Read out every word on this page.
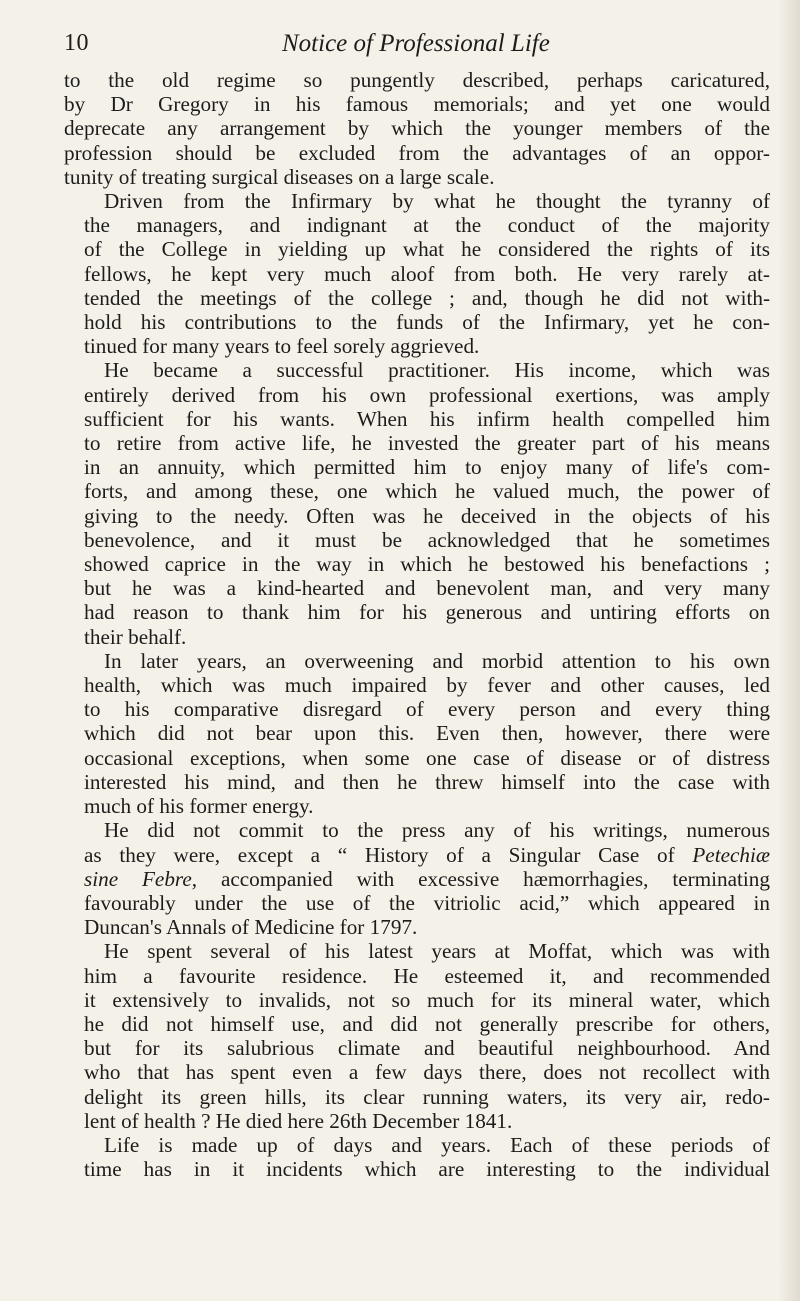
10	Notice of Professional Life

to the old regime so pungently described, perhaps caricatured,
by Dr Gregory in his famous memorials; and yet one would
deprecate any arrangement by which the younger members of the
profession should be excluded from the advantages of an oppor-
tunity of treating surgical diseases on a large scale.

Driven from the Infirmary by what he thought the tyranny of
the managers, and indignant at the conduct of the majority
of the College in yielding up what he considered the rights of its
fellows, he kept very much aloof from both. He very rarely at-
tended the meetings of the college ; and, though he did not with-
hold his contributions to the funds of the Infirmary, yet he con-
tinued for many years to feel sorely aggrieved.

He became a successful practitioner. His income, which was
entirely derived from his own professional exertions, was amply
sufficient for his wants. When his infirm health compelled him
to retire from active life, he invested the greater part of his means
in an annuity, which permitted him to enjoy many of life's com-
forts, and among these, one which he valued much, the power of
giving to the needy. Often was he deceived in the objects of his
benevolence, and it must be acknowledged that he sometimes
showed caprice in the way in which he bestowed his benefactions ;
but he was a kind-hearted and benevolent man, and very many
had reason to thank him for his generous and untiring efforts on
their behalf.

In later years, an overweening and morbid attention to his own
health, which was much impaired by fever and other causes, led
to his comparative disregard of every person and every thing
which did not bear upon this. Even then, however, there were
occasional exceptions, when some one case of disease or of distress
interested his mind, and then he threw himself into the case with
much of his former energy.

He did not commit to the press any of his writings, numerous
as they were, except a “ History of a Singular Case of Petechiæ
sine Febre, accompanied with excessive hæmorrhagies, terminating
favourably under the use of the vitriolic acid,” which appeared in
Duncan's Annals of Medicine for 1797.

He spent several of his latest years at Moffat, which was with
him a favourite residence. He esteemed it, and recommended
it extensively to invalids, not so much for its mineral water, which
he did not himself use, and did not generally prescribe for others,
but for its salubrious climate and beautiful neighbourhood. And
who that has spent even a few days there, does not recollect with
delight its green hills, its clear running waters, its very air, redo-
lent of health ? He died here 26th December 1841.

Life is made up of days and years. Each of these periods of
time has in it incidents which are interesting to the individual
